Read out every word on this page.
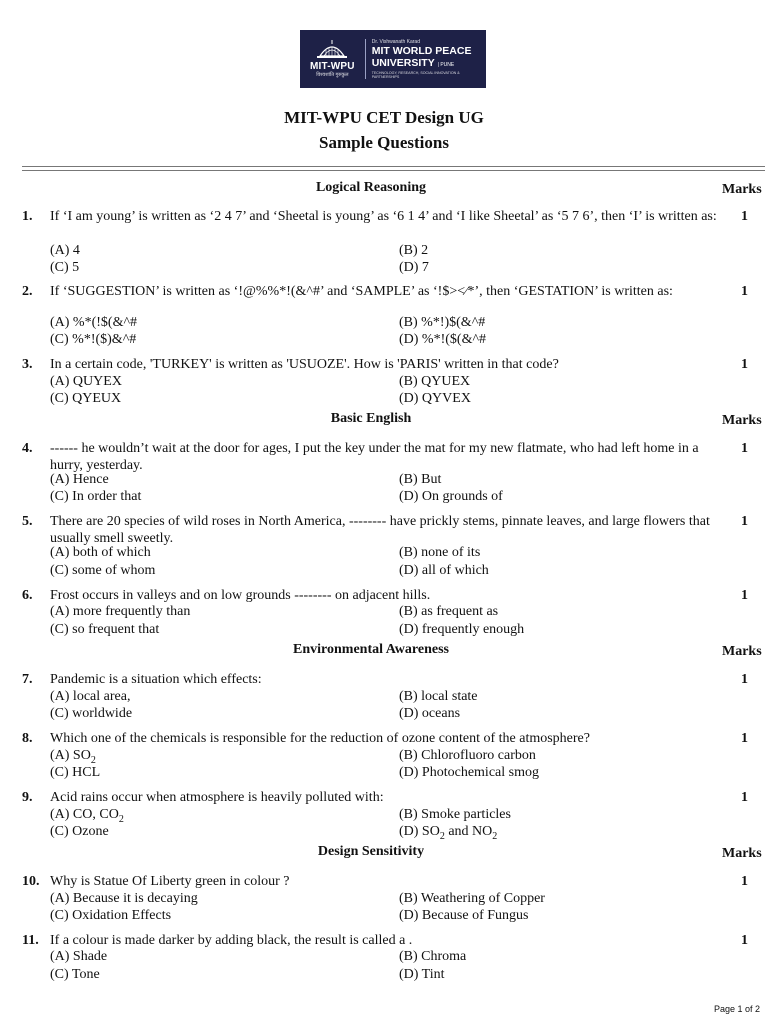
MIT-WPU
विश्वशांति गुरुकुल
Dr. Vishwanath Karad
MIT WORLD PEACE
UNIVERSITY | PUNE
TECHNOLOGY, RESEARCH, SOCIAL INNOVATION & PARTNERSHIPS
MIT-WPU CET Design UG
Sample Questions
Logical Reasoning	Marks
1. If ‘I am young’ is written as ‘2 4 7’ and ‘Sheetal is young’ as ‘6 1 4’ and ‘I like Sheetal’ as ‘5 7 6’, then ‘I’ is written as:	1
(A) 4	(B) 2
(C) 5	(D) 7
2. If ‘SUGGESTION’ is written as ‘!@%%*!(&^#’ and ‘SAMPLE’ as ‘!$><⁄*’, then ‘GESTATION’ is written as:	1
(A) %*(!$(&^#	(B) %*!)$(&^#
(C) %*!($)&^#	(D) %*!($(&^#
3. In a certain code, 'TURKEY' is written as 'USUOZE'. How is 'PARIS' written in that code?	1
(A) QUYEX	(B) QYUEX
(C) QYEUX	(D) QYVEX
Basic English	Marks
4. ------ he wouldn’t wait at the door for ages, I put the key under the mat for my new flatmate, who had left home in a hurry, yesterday.
1
(A) Hence	(B) But
(C) In order that	(D) On grounds of
5. There are 20 species of wild roses in North America, -------- have prickly stems, pinnate leaves, and large flowers that usually smell sweetly.
1
(A) both of which	(B) none of its
(C) some of whom	(D) all of which
6. Frost occurs in valleys and on low grounds -------- on adjacent hills.	1
(A) more frequently than	(B) as frequent as
(C) so frequent that	(D) frequently enough
Environmental Awareness	Marks
7. Pandemic is a situation which effects:	1
(A) local area,	(B) local state
(C) worldwide	(D) oceans
8. Which one of the chemicals is responsible for the reduction of ozone content of the atmosphere?	1
(A) $SO_2$	(B) Chlorofluoro carbon
(C) HCL	(D) Photochemical smog
9. Acid rains occur when atmosphere is heavily polluted with:	1
(A) CO, $CO_2$	(B) Smoke particles
(C) Ozone	(D) $SO_2$ and $NO_2$
Design Sensitivity	Marks
10. Why is Statue Of Liberty green in colour ?	1
(A) Because it is decaying	(B) Weathering of Copper
(C) Oxidation Effects	(D) Because of Fungus
11. If a colour is made darker by adding black, the result is called a .	1
(A) Shade	(B) Chroma
(C) Tone	(D) Tint
Page 1 of 2
